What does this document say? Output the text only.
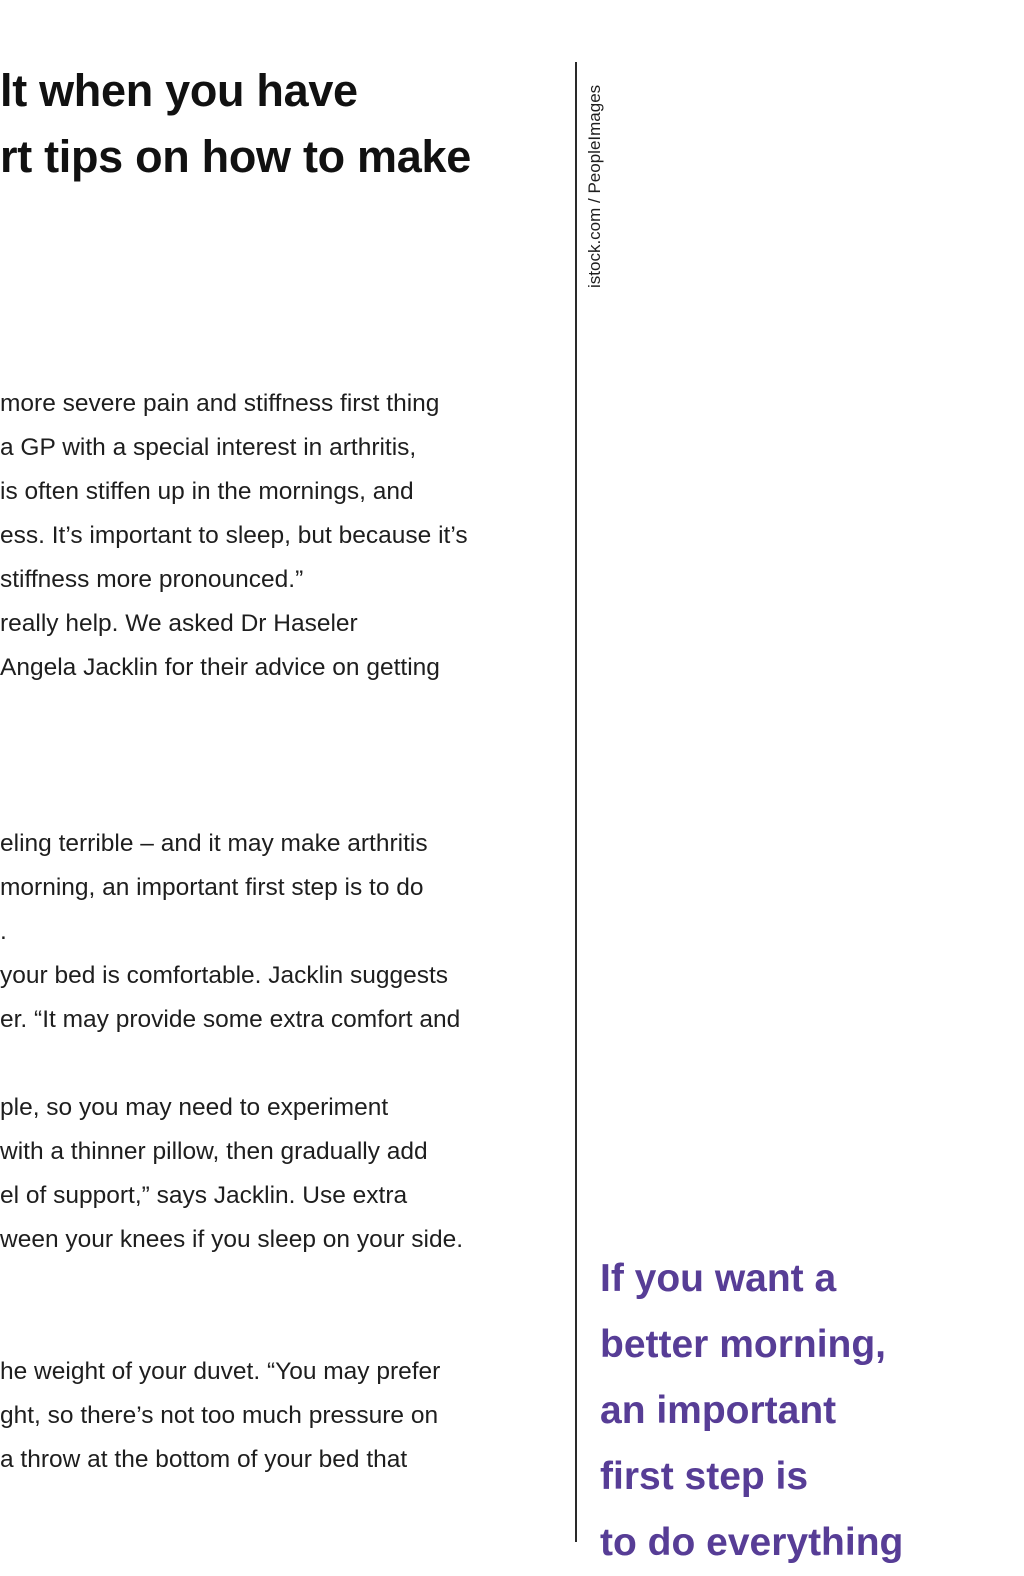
lt when you have
rt tips on how to make
more severe pain and stiffness first thing
a GP with a special interest in arthritis,
is often stiffen up in the mornings, and
ess. It’s important to sleep, but because it’s
stiffness more pronounced.”
really help. We asked Dr Haseler
Angela Jacklin for their advice on getting
eling terrible – and it may make arthritis
morning, an important first step is to do
.
your bed is comfortable. Jacklin suggests
er. “It may provide some extra comfort and
ple, so you may need to experiment
with a thinner pillow, then gradually add
el of support,” says Jacklin. Use extra
ween your knees if you sleep on your side.
he weight of your duvet. “You may prefer
ght, so there’s not too much pressure on
a throw at the bottom of your bed that
istock.com / PeopleImages
If you want a
better morning,
an important
first step is
to do everything
